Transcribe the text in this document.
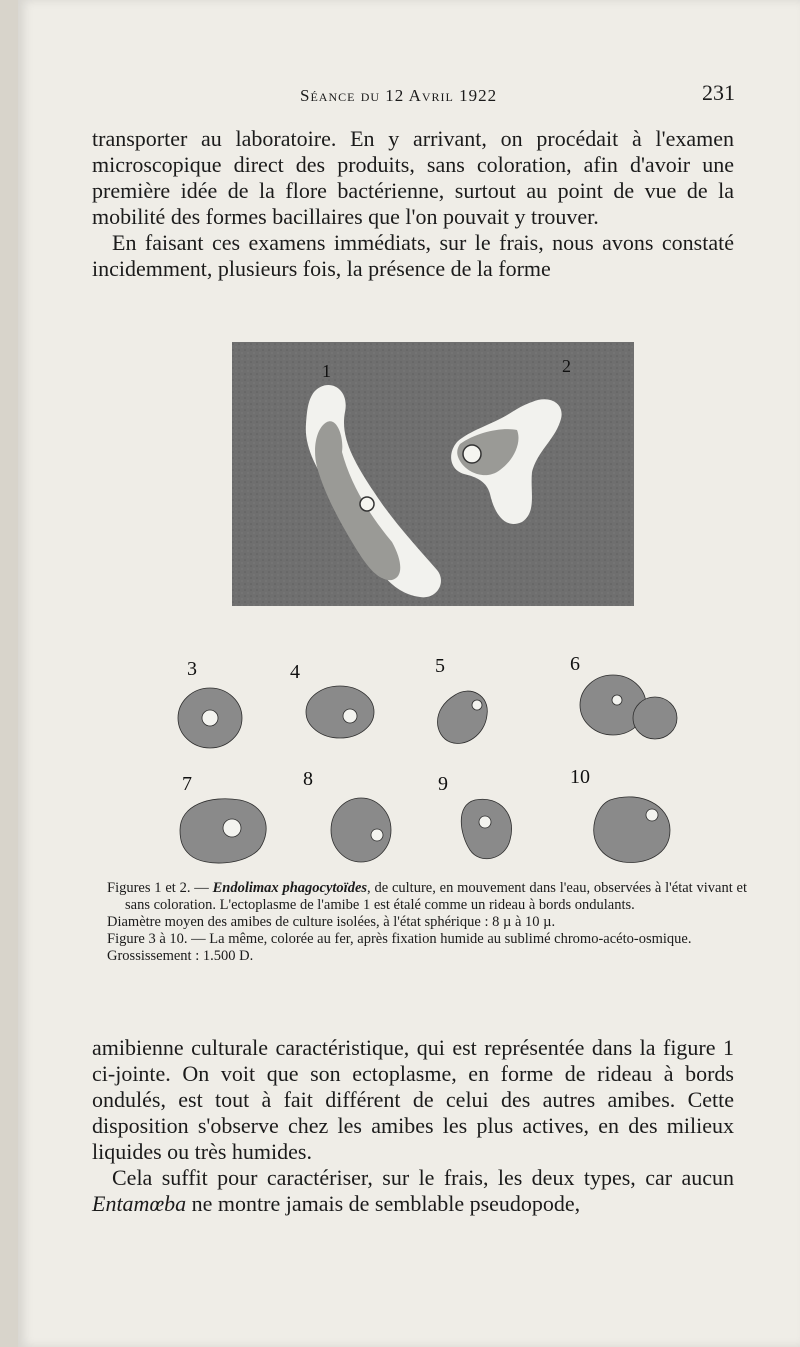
Séance du 12 Avril 1922	231

transporter au laboratoire. En y arrivant, on procédait à l'examen microscopique direct des produits, sans coloration, afin d'avoir une première idée de la flore bactérienne, surtout au point de vue de la mobilité des formes bacillaires que l'on pouvait y trouver.

En faisant ces examens immédiats, sur le frais, nous avons constaté incidemment, plusieurs fois, la présence de la forme

1	2
3	4	5	6
7	8	9	10

Figures 1 et 2. — Endolimax phagocytoïdes, de culture, en mouvement dans l'eau, observées à l'état vivant et sans coloration. L'ectoplasme de l'amibe 1 est étalé comme un rideau à bords ondulants.

Diamètre moyen des amibes de culture isolées, à l'état sphérique : 8 µ à 10 µ.

Figure 3 à 10. — La même, colorée au fer, après fixation humide au sublimé chromo-acéto-osmique.

Grossissement : 1.500 D.

amibienne culturale caractéristique, qui est représentée dans la figure 1 ci-jointe. On voit que son ectoplasme, en forme de rideau à bords ondulés, est tout à fait différent de celui des autres amibes. Cette disposition s'observe chez les amibes les plus actives, en des milieux liquides ou très humides.

Cela suffit pour caractériser, sur le frais, les deux types, car aucun Entamœba ne montre jamais de semblable pseudopode,
